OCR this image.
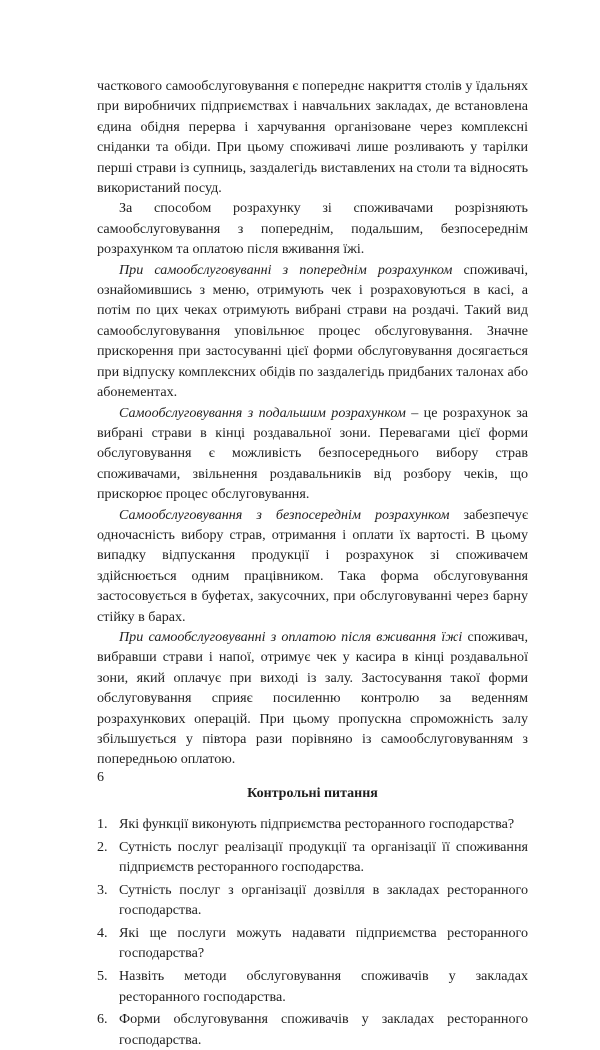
часткового самообслуговування є попереднє накриття столів у їдальнях при виробничих підприємствах і навчальних закладах, де встановлена єдина обідня перерва і харчування організоване через комплексні сніданки та обіди. При цьому споживачі лише розливають у тарілки перші страви із супниць, заздалегідь виставлених на столи та відносять використаний посуд.

За способом розрахунку зі споживачами розрізняють самообслуговування з попереднім, подальшим, безпосереднім розрахунком та оплатою після вживання їжі.

При самообслуговуванні з попереднім розрахунком споживачі, ознайомившись з меню, отримують чек і розраховуються в касі, а потім по цих чеках отримують вибрані страви на роздачі. Такий вид самообслуговування уповільнює процес обслуговування. Значне прискорення при застосуванні цієї форми обслуговування досягається при відпуску комплексних обідів по заздалегідь придбаних талонах або абонементах.

Самообслуговування з подальшим розрахунком – це розрахунок за вибрані страви в кінці роздавальної зони. Перевагами цієї форми обслуговування є можливість безпосереднього вибору страв споживачами, звільнення роздавальників від розбору чеків, що прискорює процес обслуговування.

Самообслуговування з безпосереднім розрахунком забезпечує одночасність вибору страв, отримання і оплати їх вартості. В цьому випадку відпускання продукції і розрахунок зі споживачем здійснюється одним працівником. Така форма обслуговування застосовується в буфетах, закусочних, при обслуговуванні через барну стійку в барах.

При самообслуговуванні з оплатою після вживання їжі споживач, вибравши страви і напої, отримує чек у касира в кінці роздавальної зони, який оплачує при виході із залу. Застосування такої форми обслуговування сприяє посиленню контролю за веденням розрахункових операцій. При цьому пропускна спроможність залу збільшується у півтора рази порівняно із самообслуговуванням з попередньою оплатою.

Контрольні питання
1. Які функції виконують підприємства ресторанного господарства?
2. Сутність послуг реалізації продукції та організації її споживання підприємств ресторанного господарства.
3. Сутність послуг з організації дозвілля в закладах ресторанного господарства.
4. Які ще послуги можуть надавати підприємства ресторанного господарства?
5. Назвіть методи обслуговування споживачів у закладах ресторанного господарства.
6. Форми обслуговування споживачів у закладах ресторанного господарства.
6
